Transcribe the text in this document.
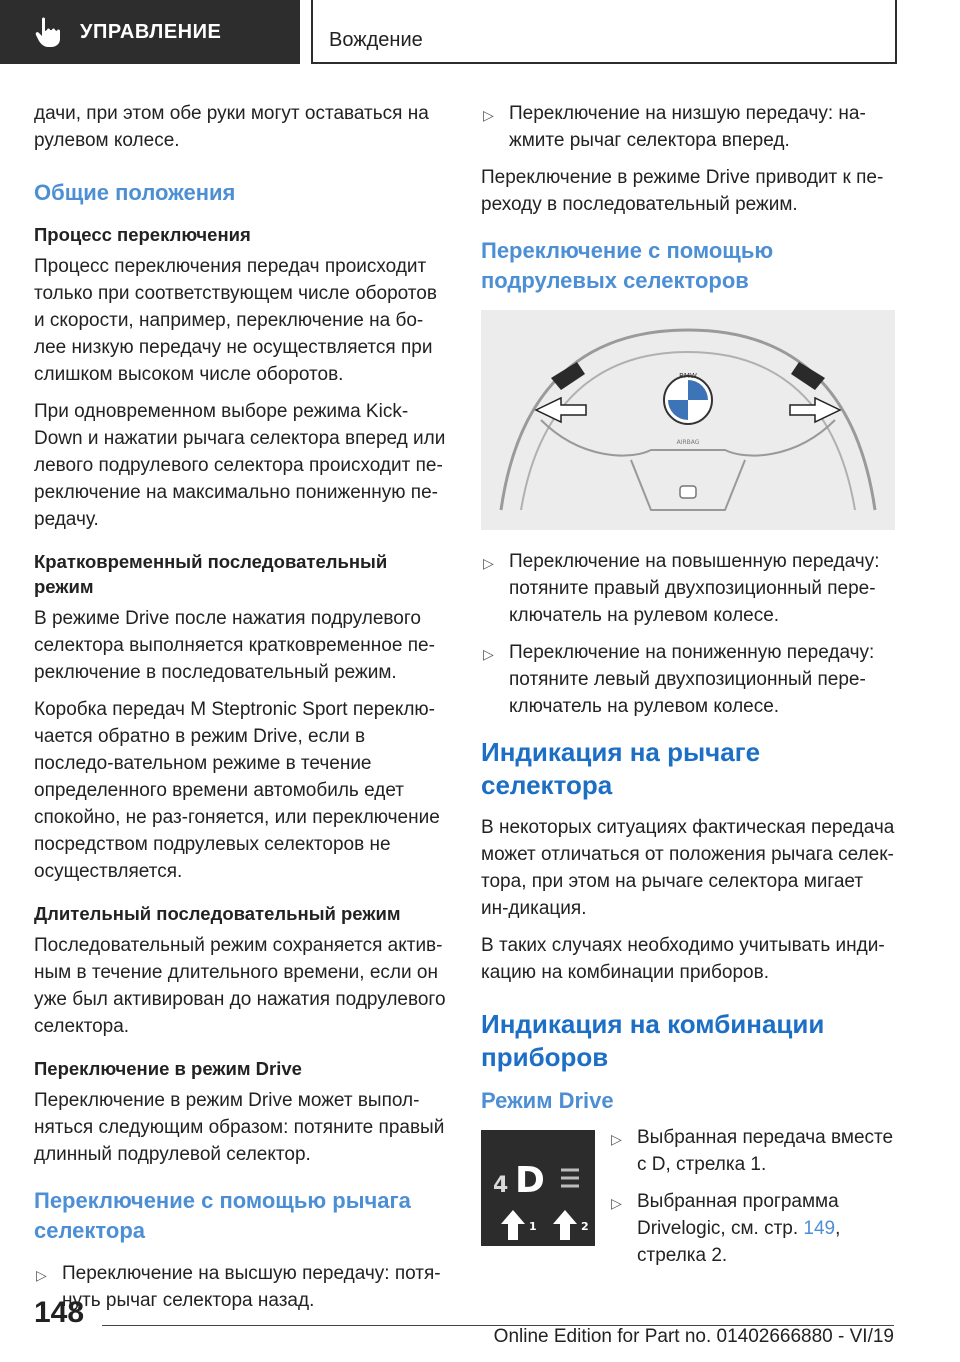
УПРАВЛЕНИЕ	Вождение

дачи, при этом обе руки могут оставаться на рулевом колесе.

Общие положения
Процесс переключения

Процесс переключения передач происходит только при соответствующем числе оборотов и скорости, например, переключение на бо-лее низкую передачу не осуществляется при слишком высоком числе оборотов.

При одновременном выборе режима Kick-Down и нажатии рычага селектора вперед или левого подрулевого селектора происходит пе-реключение на максимально пониженную пе-редачу.

Кратковременный последовательный режим

В режиме Drive после нажатия подрулевого селектора выполняется кратковременное пе-реключение в последовательный режим.

Коробка передач M Steptronic Sport переклю-чается обратно в режим Drive, если в последо-вательном режиме в течение определенного времени автомобиль едет спокойно, не раз-гоняется, или переключение посредством подрулевых селекторов не осуществляется.

Длительный последовательный режим

Последовательный режим сохраняется актив-ным в течение длительного времени, если он уже был активирован до нажатия подрулевого селектора.

Переключение в режим Drive

Переключение в режим Drive может выпол-няться следующим образом: потяните правый длинный подрулевой селектор.

Переключение с помощью рычага селектора
▷ Переключение на высшую передачу: потя-нуть рычаг селектора назад.
▷ Переключение на низшую передачу: на-жмите рычаг селектора вперед.

Переключение в режиме Drive приводит к пе-реходу в последовательный режим.

Переключение с помощью подрулевых селекторов
BMW
AIRBAG
▷ Переключение на повышенную передачу: потяните правый двухпозиционный пере-ключатель на рулевом колесе.
▷ Переключение на пониженную передачу: потяните левый двухпозиционный пере-ключатель на рулевом колесе.
Индикация на рычаге селектора

В некоторых ситуациях фактическая передача может отличаться от положения рычага селек-тора, при этом на рычаге селектора мигает ин-дикация.

В таких случаях необходимо учитывать инди-кацию на комбинации приборов.

Индикация на комбинации приборов
Режим Drive
4 D
1	2
▷ Выбранная передача вместе с D, стрелка 1.
▷ Выбранная программа Drivelogic, см. стр. 149,
стрелка 2.
148
Online Edition for Part no. 01402666880 - VI/19
